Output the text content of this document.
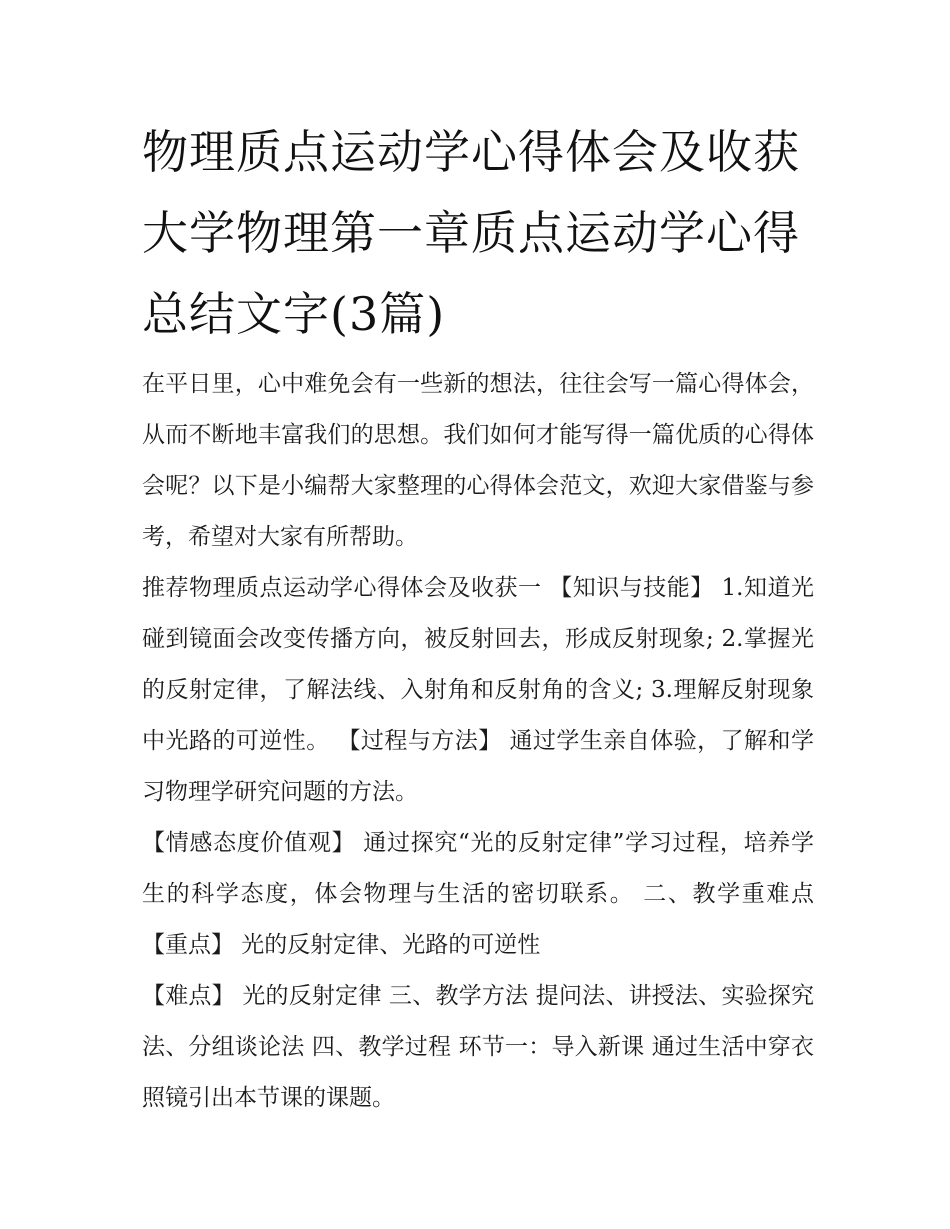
物理质点运动学心得体会及收获 大学物理第一章质点运动学心得总结文字(3篇)

在平日里，心中难免会有一些新的想法，往往会写一篇心得体会，从而不断地丰富我们的思想。我们如何才能写得一篇优质的心得体会呢？以下是小编帮大家整理的心得体会范文，欢迎大家借鉴与参考，希望对大家有所帮助。

推荐物理质点运动学心得体会及收获一 【知识与技能】 1.知道光碰到镜面会改变传播方向，被反射回去，形成反射现象; 2.掌握光的反射定律，了解法线、入射角和反射角的含义; 3.理解反射现象中光路的可逆性。 【过程与方法】 通过学生亲自体验，了解和学习物理学研究问题的方法。

【情感态度价值观】 通过探究“光的反射定律”学习过程，培养学生的科学态度，体会物理与生活的密切联系。 二、教学重难点 【重点】 光的反射定律、光路的可逆性

【难点】 光的反射定律 三、教学方法 提问法、讲授法、实验探究法、分组谈论法 四、教学过程 环节一：导入新课 通过生活中穿衣照镜引出本节课的课题。
